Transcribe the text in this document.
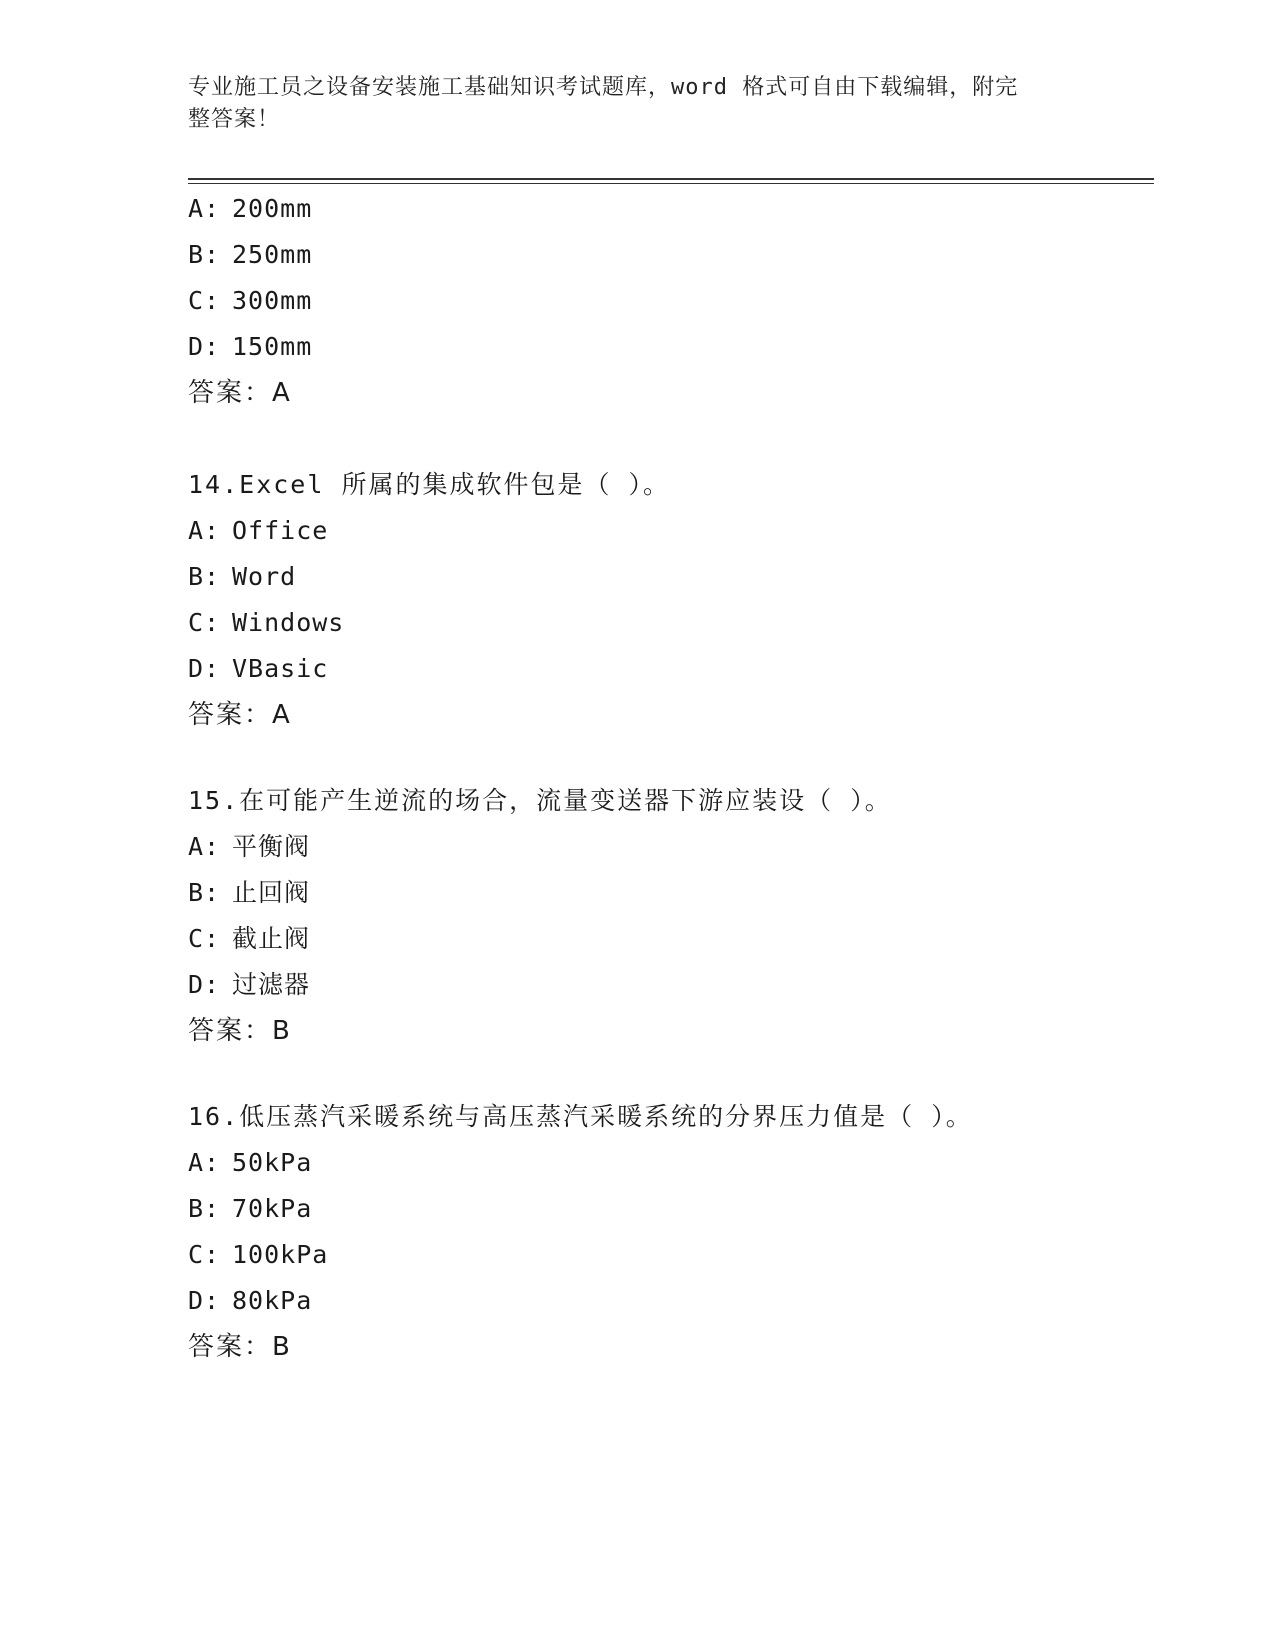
专业施工员之设备安装施工基础知识考试题库，word 格式可自由下载编辑，附完
整答案！
A: 200mm
B: 250mm
C: 300mm
D: 150mm
答案：A
14.Excel 所属的集成软件包是（ ）。
A: Office
B: Word
C: Windows
D: VBasic
答案：A
15.在可能产生逆流的场合，流量变送器下游应装设（ ）。
A: 平衡阀
B: 止回阀
C: 截止阀
D: 过滤器
答案：B
16.低压蒸汽采暖系统与高压蒸汽采暖系统的分界压力值是（ ）。
A: 50kPa
B: 70kPa
C: 100kPa
D: 80kPa
答案：B
